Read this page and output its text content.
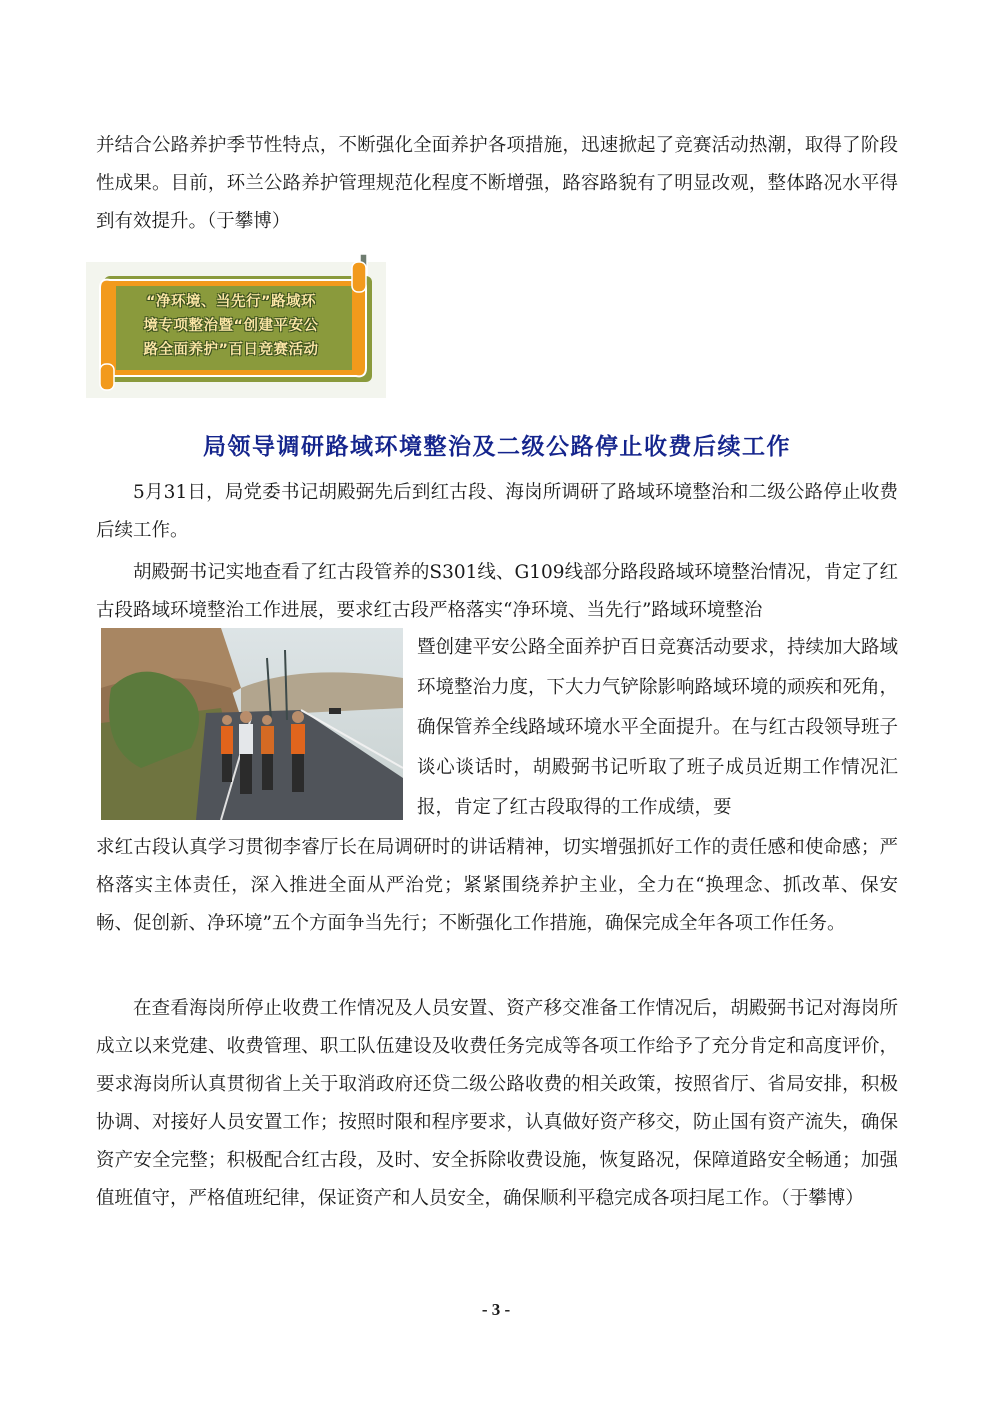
并结合公路养护季节性特点，不断强化全面养护各项措施，迅速掀起了竞赛活动热潮，取得了阶段性成果。目前，环兰公路养护管理规范化程度不断增强，路容路貌有了明显改观，整体路况水平得到有效提升。（于攀博）

“净环境、当先行”路域环
境专项整治暨“创建平安公
路全面养护”百日竞赛活动
局领导调研路域环境整治及二级公路停止收费后续工作

5月31日，局党委书记胡殿弼先后到红古段、海岗所调研了路域环境整治和二级公路停止收费后续工作。

胡殿弼书记实地查看了红古段管养的S301线、G109线部分路段路域环境整治情况，肯定了红古段路域环境整治工作进展，要求红古段严格落实“净环境、当先行”路域环境整治

暨创建平安公路全面养护百日竞赛活动要求，持续加大路域环境整治力度，下大力气铲除影响路域环境的顽疾和死角，确保管养全线路域环境水平全面提升。在与红古段领导班子谈心谈话时，胡殿弼书记听取了班子成员近期工作情况汇报，肯定了红古段取得的工作成绩，要

求红古段认真学习贯彻李睿厅长在局调研时的讲话精神，切实增强抓好工作的责任感和使命感；严格落实主体责任，深入推进全面从严治党；紧紧围绕养护主业，全力在“换理念、抓改革、保安畅、促创新、净环境”五个方面争当先行；不断强化工作措施，确保完成全年各项工作任务。

在查看海岗所停止收费工作情况及人员安置、资产移交准备工作情况后，胡殿弼书记对海岗所成立以来党建、收费管理、职工队伍建设及收费任务完成等各项工作给予了充分肯定和高度评价，要求海岗所认真贯彻省上关于取消政府还贷二级公路收费的相关政策，按照省厅、省局安排，积极协调、对接好人员安置工作；按照时限和程序要求，认真做好资产移交，防止国有资产流失，确保资产安全完整；积极配合红古段，及时、安全拆除收费设施，恢复路况，保障道路安全畅通；加强值班值守，严格值班纪律，保证资产和人员安全，确保顺利平稳完成各项扫尾工作。（于攀博）

- 3 -
